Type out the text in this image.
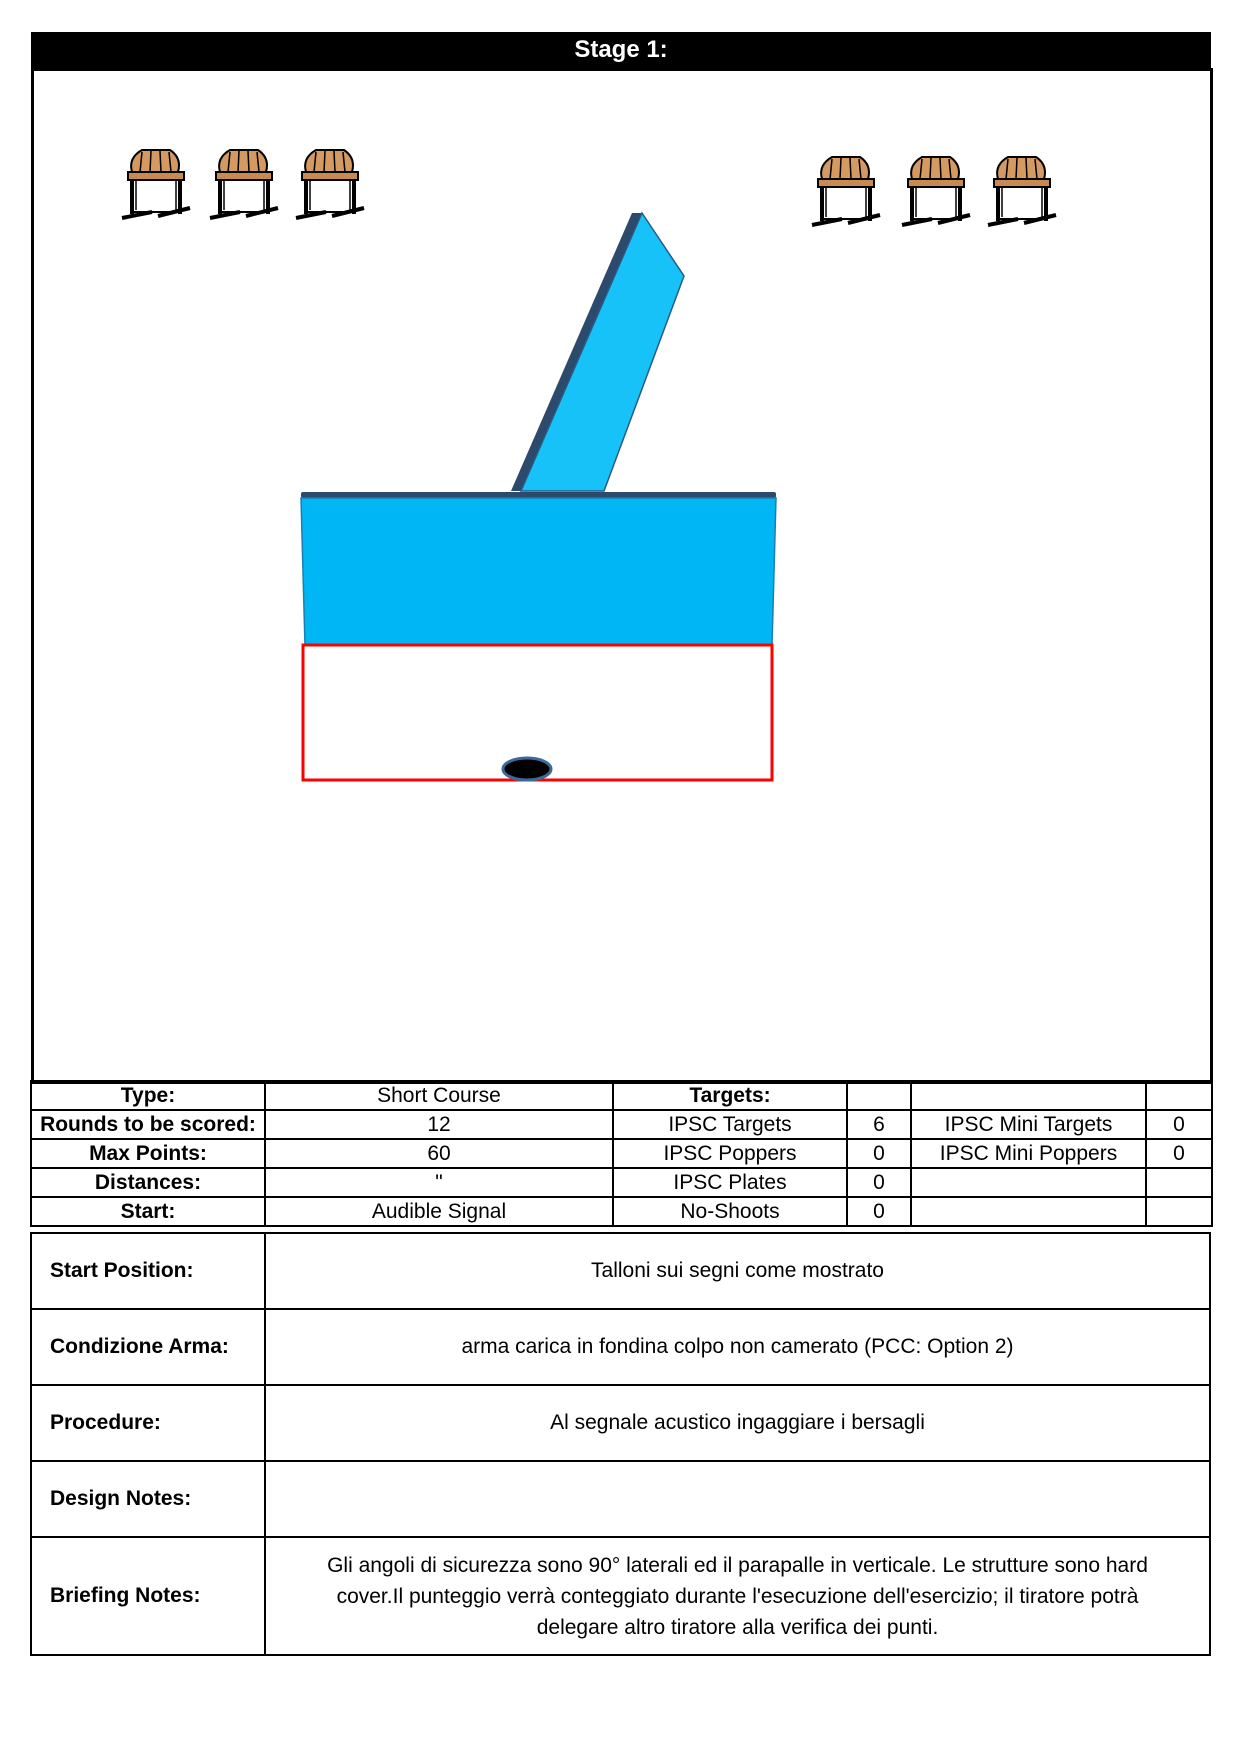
Stage 1:
Type:	Short Course	Targets:			
Rounds to be scored:	12	IPSC Targets	6	IPSC Mini Targets	0
Max Points:	60	IPSC Poppers	0	IPSC Mini Poppers	0
Distances:	"	IPSC Plates	0		
Start:	Audible Signal	No-Shoots	0		
Start Position:	Talloni sui segni come mostrato
Condizione Arma:	arma carica in fondina colpo non camerato (PCC: Option 2)
Procedure:	Al segnale acustico ingaggiare i bersagli
Design Notes:	
Briefing Notes:	Gli angoli di sicurezza sono 90° laterali ed il parapalle in verticale. Le strutture sono hard
cover.Il punteggio verrà conteggiato durante l'esecuzione dell'esercizio; il tiratore potrà
delegare altro tiratore alla verifica dei punti.
